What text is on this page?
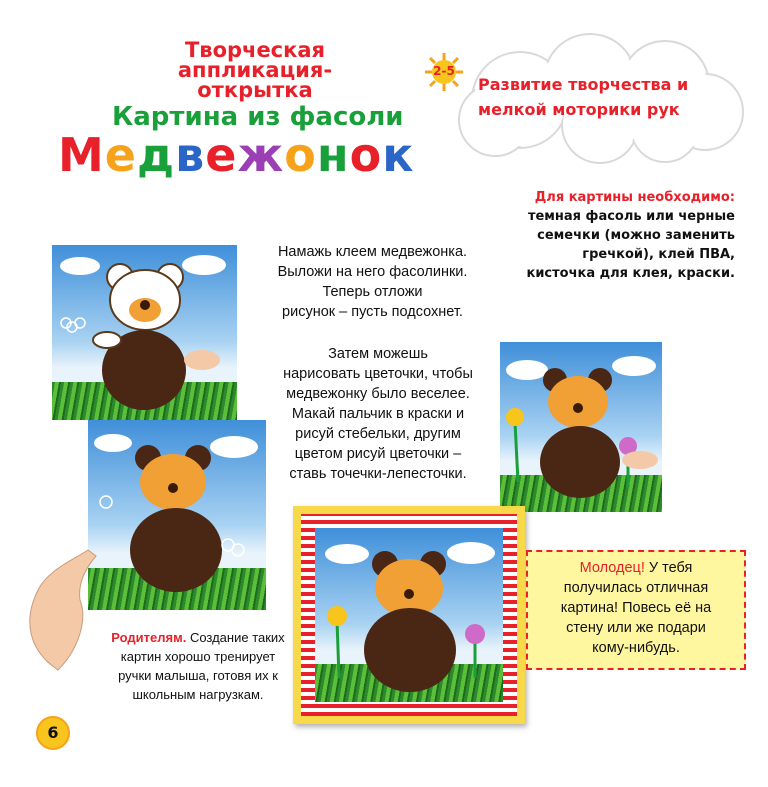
Творческая
аппликация-
открытка
Картина из фасоли
Медвежонок
2-5
Развитие творчества и
мелкой моторики рук
Для картины необходимо:
темная фасоль или черные
семечки (можно заменить
гречкой), клей ПВА,
кисточка для клея, краски.
Намажь клеем медвежонка.
Выложи на него фасолинки.
Теперь отложи
рисунок – пусть подсохнет.
Затем можешь
нарисовать цветочки, чтобы
медвежонку было веселее.
Макай пальчик в краски и
рисуй стебельки, другим
цветом рисуй цветочки –
ставь точечки-лепесточки.
Родителям. Создание таких
картин хорошо тренирует
ручки малыша, готовя их к
школьным нагрузкам.
Молодец! У тебя
получилась отличная
картина! Повесь её на
стену или же подари
кому-нибудь.
6
